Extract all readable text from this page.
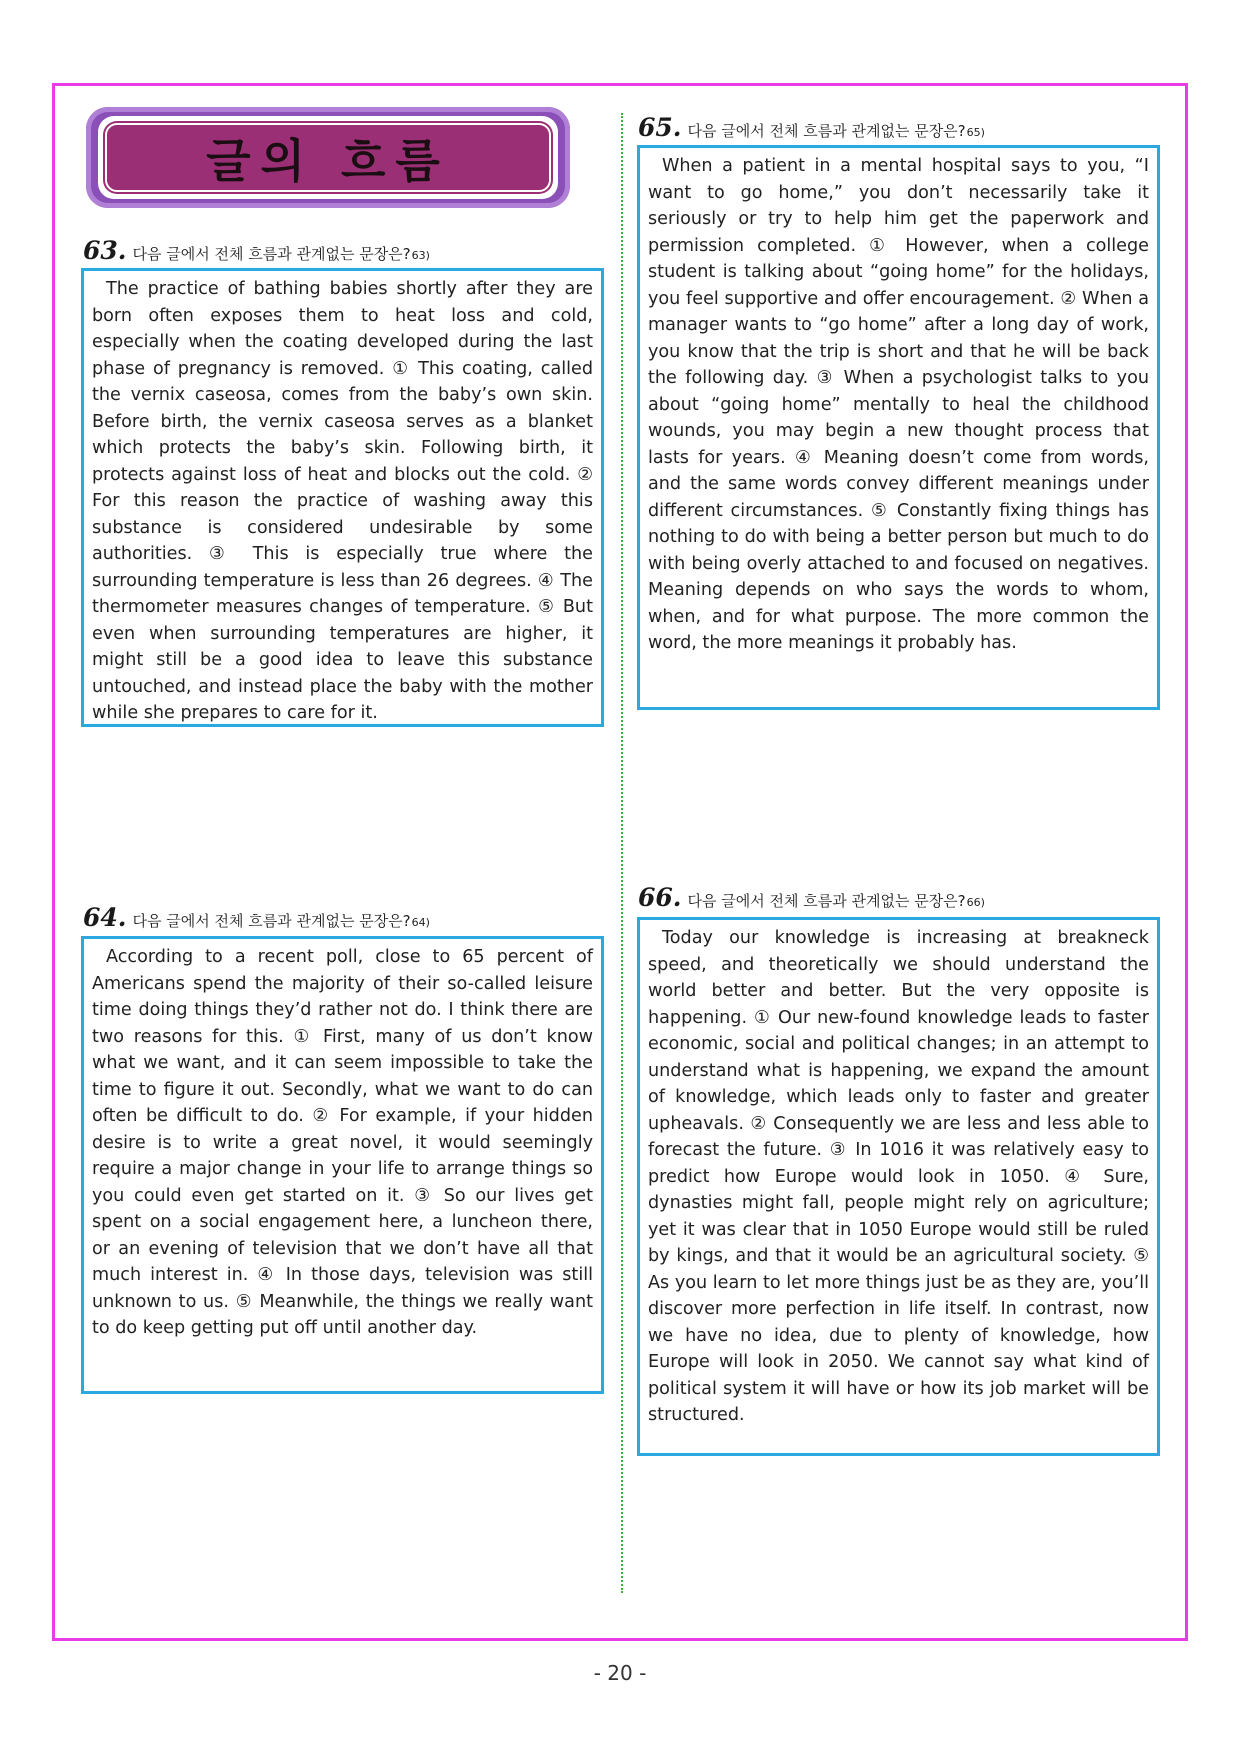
글의 흐름
63. 다음 글에서 전체 흐름과 관계없는 문장은? 63)

The practice of bathing babies shortly after they are born often exposes them to heat loss and cold, especially when the coating developed during the last phase of pregnancy is removed. ① This coating, called the vernix caseosa, comes from the baby’s own skin. Before birth, the vernix caseosa serves as a blanket which protects the baby’s skin. Following birth, it protects against loss of heat and blocks out the cold. ② For this reason the practice of washing away this substance is considered undesirable by some authorities. ③ This is especially true where the surrounding temperature is less than 26 degrees. ④ The thermometer measures changes of temperature. ⑤ But even when surrounding temperatures are higher, it might still be a good idea to leave this substance untouched, and instead place the baby with the mother while she prepares to care for it.

64. 다음 글에서 전체 흐름과 관계없는 문장은? 64)

According to a recent poll, close to 65 percent of Americans spend the majority of their so-called leisure time doing things they’d rather not do. I think there are two reasons for this. ① First, many of us don’t know what we want, and it can seem impossible to take the time to figure it out. Secondly, what we want to do can often be difficult to do. ② For example, if your hidden desire is to write a great novel, it would seemingly require a major change in your life to arrange things so you could even get started on it. ③ So our lives get spent on a social engagement here, a luncheon there, or an evening of television that we don’t have all that much interest in. ④ In those days, television was still unknown to us. ⑤ Meanwhile, the things we really want to do keep getting put off until another day.

65. 다음 글에서 전체 흐름과 관계없는 문장은? 65)

When a patient in a mental hospital says to you, “I want to go home,” you don’t necessarily take it seriously or try to help him get the paperwork and permission completed. ① However, when a college student is talking about “going home” for the holidays, you feel supportive and offer encouragement. ② When a manager wants to “go home” after a long day of work, you know that the trip is short and that he will be back the following day. ③ When a psychologist talks to you about “going home” mentally to heal the childhood wounds, you may begin a new thought process that lasts for years. ④ Meaning doesn’t come from words, and the same words convey different meanings under different circumstances. ⑤ Constantly fixing things has nothing to do with being a better person but much to do with being overly attached to and focused on negatives. Meaning depends on who says the words to whom, when, and for what purpose. The more common the word, the more meanings it probably has.

66. 다음 글에서 전체 흐름과 관계없는 문장은? 66)

Today our knowledge is increasing at breakneck speed, and theoretically we should understand the world better and better. But the very opposite is happening. ① Our new-found knowledge leads to faster economic, social and political changes; in an attempt to understand what is happening, we expand the amount of knowledge, which leads only to faster and greater upheavals. ② Consequently we are less and less able to forecast the future. ③ In 1016 it was relatively easy to predict how Europe would look in 1050. ④ Sure, dynasties might fall, people might rely on agriculture; yet it was clear that in 1050 Europe would still be ruled by kings, and that it would be an agricultural society. ⑤ As you learn to let more things just be as they are, you’ll discover more perfection in life itself. In contrast, now we have no idea, due to plenty of knowledge, how Europe will look in 2050. We cannot say what kind of political system it will have or how its job market will be structured.

- 20 -
